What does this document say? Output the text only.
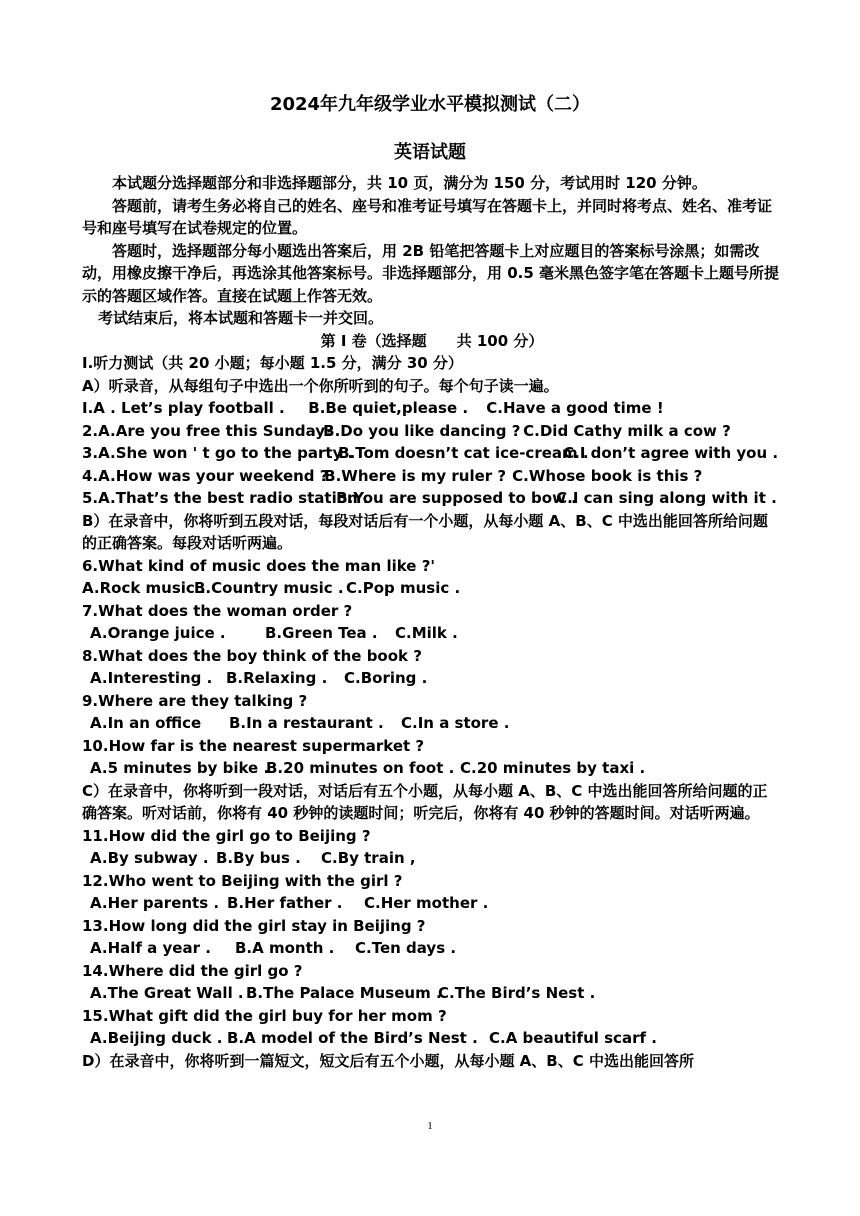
2024年九年级学业水平模拟测试（二）
英语试题
本试题分选择题部分和非选择题部分，共 10 页，满分为 150 分，考试用时 120 分钟。
答题前，请考生务必将自己的姓名、座号和准考证号填写在答题卡上，并同时将考点、姓名、准考证号和座号填写在试卷规定的位置。
答题时，选择题部分每小题选出答案后，用 2B 铅笔把答题卡上对应题目的答案标号涂黑；如需改动，用橡皮擦干净后，再选涂其他答案标号。非选择题部分，用 0.5 毫米黑色签字笔在答题卡上题号所提示的答题区域作答。直接在试题上作答无效。
考试结束后，将本试题和答题卡一并交回。
第 I 卷（选择题　　共 100 分）
I.听力测试（共 20 小题；每小题 1.5 分，满分 30 分）
A）听录音，从每组句子中选出一个你所听到的句子。每个句子读一遍。
I.A . Let’s play football . B.Be quiet,please . C.Have a good time !
2.A.Are you free this Sunday?B.Do you like dancing ? C.Did Cathy milk a cow ?
3.A.She won ' t go to the party .B.Tom doesn’t cat ice-cream .C.I don’t agree with you .
4.A.How was your weekend ?B.Where is my ruler ? C.Whose book is this ?
5.A.That’s the best radio station .B.You are supposed to bow .C.I can sing along with it .
B）在录音中，你将听到五段对话，每段对话后有一个小题，从每小题 A、B、C 中选出能回答所给问题的正确答案。每段对话听两遍。
6.What kind of music does the man like ?'
A.Rock music .B.Country music . C.Pop music .
7.What does the woman order ?
A.Orange juice .	B.Green Tea . C.Milk .
8.What does the boy think of the book ?
A.Interesting . B.Relaxing . C.Boring .
9.Where are they talking ?
A.In an office B.In a restaurant . C.In a store .
10.How far is the nearest supermarket ?
A.5 minutes by bike .B.20 minutes on foot . C.20 minutes by taxi .
C）在录音中，你将听到一段对话，对话后有五个小题，从每小题 A、B、C 中选出能回答所给问题的正确答案。听对话前，你将有 40 秒钟的读题时间；听完后，你将有 40 秒钟的答题时间。对话听两遍。
11.How did the girl go to Beijing ?
A.By subway . B.By bus . C.By train ,
12.Who went to Beijing with the girl ?
A.Her parents . B.Her father . C.Her mother .
13.How long did the girl stay in Beijing ?
A.Half a year . B.A month . C.Ten days .
14.Where did the girl go ?
A.The Great Wall . B.The Palace Museum .C.The Bird’s Nest .
15.What gift did the girl buy for her mom ?
A.Beijing duck . B.A model of the Bird’s Nest . C.A beautiful scarf .
D）在录音中，你将听到一篇短文，短文后有五个小题，从每小题 A、B、C 中选出能回答所
1
